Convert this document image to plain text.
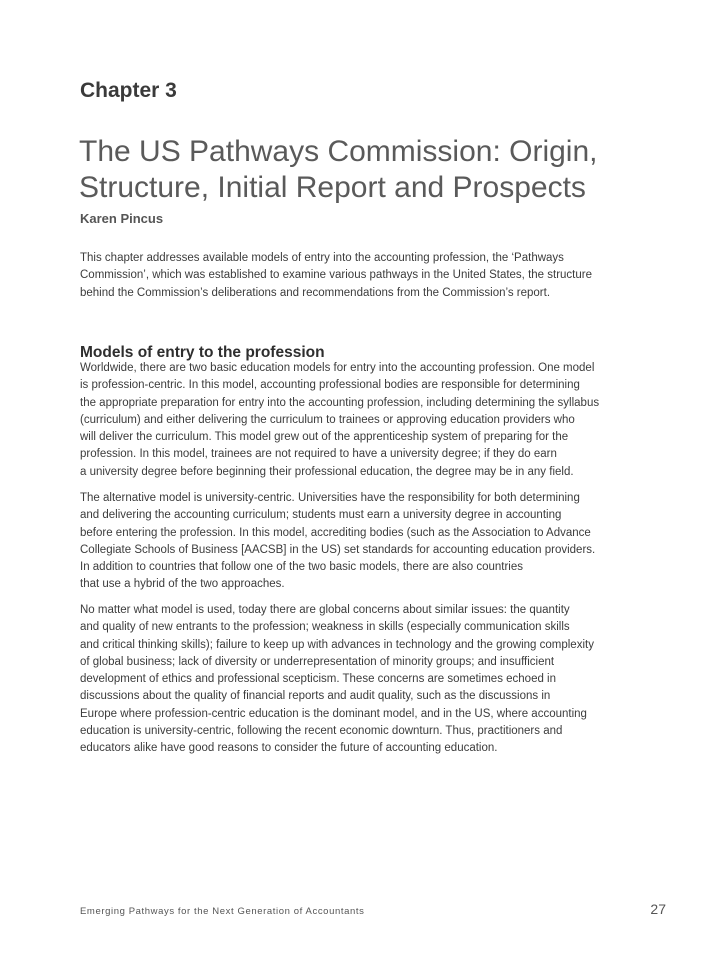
Chapter 3
The US Pathways Commission: Origin,
Structure, Initial Report and Prospects

Karen Pincus

This chapter addresses available models of entry into the accounting profession, the ‘Pathways
Commission’, which was established to examine various pathways in the United States, the structure
behind the Commission’s deliberations and recommendations from the Commission’s report.

Models of entry to the profession

Worldwide, there are two basic education models for entry into the accounting profession. One model
is profession-centric. In this model, accounting professional bodies are responsible for determining
the appropriate preparation for entry into the accounting profession, including determining the syllabus
(curriculum) and either delivering the curriculum to trainees or approving education providers who
will deliver the curriculum. This model grew out of the apprenticeship system of preparing for the
profession. In this model, trainees are not required to have a university degree; if they do earn
a university degree before beginning their professional education, the degree may be in any field.

The alternative model is university-centric. Universities have the responsibility for both determining
and delivering the accounting curriculum; students must earn a university degree in accounting
before entering the profession. In this model, accrediting bodies (such as the Association to Advance
Collegiate Schools of Business [AACSB] in the US) set standards for accounting education providers.
In addition to countries that follow one of the two basic models, there are also countries
that use a hybrid of the two approaches.

No matter what model is used, today there are global concerns about similar issues: the quantity
and quality of new entrants to the profession; weakness in skills (especially communication skills
and critical thinking skills); failure to keep up with advances in technology and the growing complexity
of global business; lack of diversity or underrepresentation of minority groups; and insufficient
development of ethics and professional scepticism. These concerns are sometimes echoed in
discussions about the quality of financial reports and audit quality, such as the discussions in
Europe where profession-centric education is the dominant model, and in the US, where accounting
education is university-centric, following the recent economic downturn. Thus, practitioners and
educators alike have good reasons to consider the future of accounting education.

Emerging Pathways for the Next Generation of Accountants	27
